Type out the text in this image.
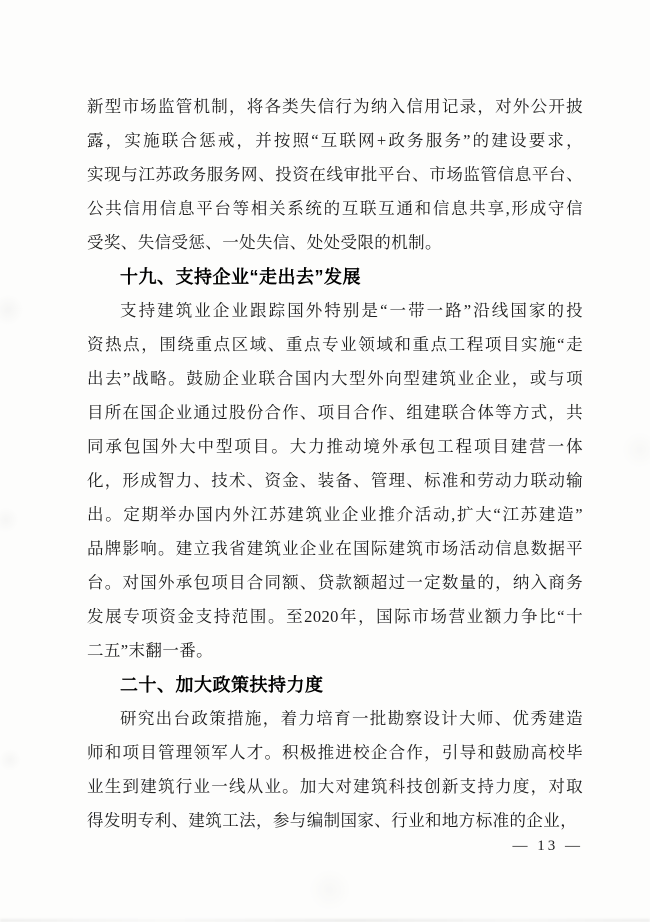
新型市场监管机制，将各类失信行为纳入信用记录，对外公开披
露，实施联合惩戒，并按照“互联网+政务服务”的建设要求，
实现与江苏政务服务网、投资在线审批平台、市场监管信息平台、
公共信用信息平台等相关系统的互联互通和信息共享,形成守信
受奖、失信受惩、一处失信、处处受限的机制。
十九、支持企业“走出去”发展
支持建筑业企业跟踪国外特别是“一带一路”沿线国家的投
资热点，围绕重点区域、重点专业领域和重点工程项目实施“走
出去”战略。鼓励企业联合国内大型外向型建筑业企业，或与项
目所在国企业通过股份合作、项目合作、组建联合体等方式，共
同承包国外大中型项目。大力推动境外承包工程项目建营一体
化，形成智力、技术、资金、装备、管理、标准和劳动力联动输
出。定期举办国内外江苏建筑业企业推介活动,扩大“江苏建造”
品牌影响。建立我省建筑业企业在国际建筑市场活动信息数据平
台。对国外承包项目合同额、贷款额超过一定数量的，纳入商务
发展专项资金支持范围。至2020年，国际市场营业额力争比“十
二五”末翻一番。
二十、加大政策扶持力度
研究出台政策措施，着力培育一批勘察设计大师、优秀建造
师和项目管理领军人才。积极推进校企合作，引导和鼓励高校毕
业生到建筑行业一线从业。加大对建筑科技创新支持力度，对取
得发明专利、建筑工法，参与编制国家、行业和地方标准的企业，
— 13 —
